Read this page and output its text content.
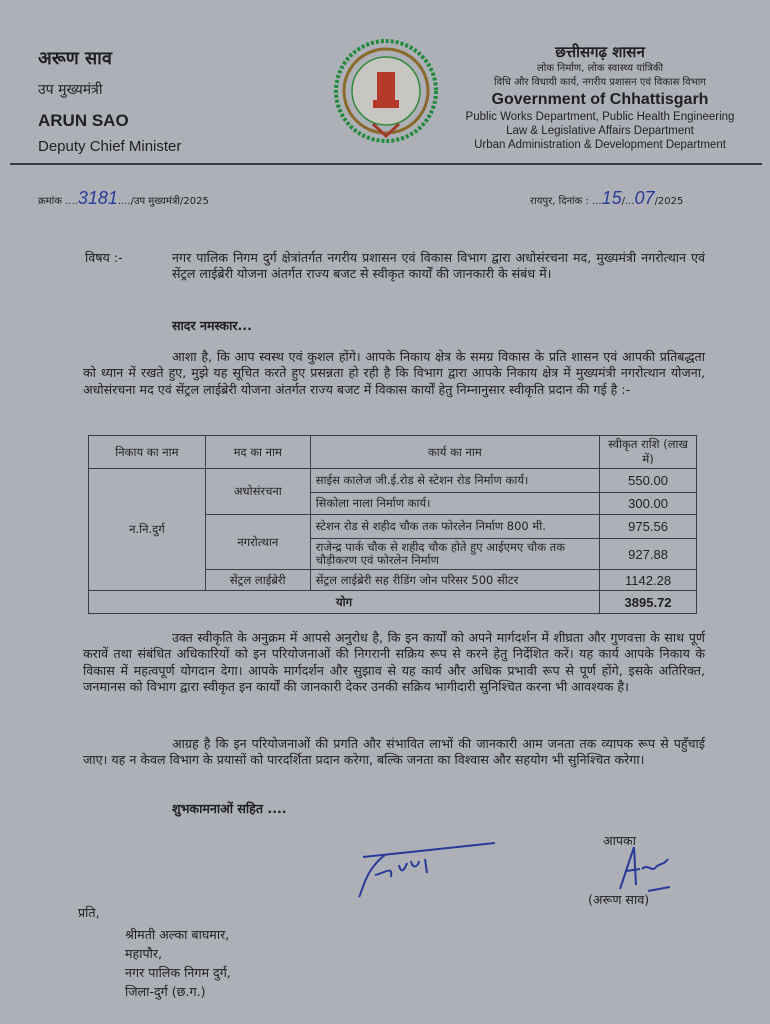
अरूण साव
उप मुख्यमंत्री
ARUN SAO
Deputy Chief Minister
छत्तीसगढ़ शासन
लोक निर्माण, लोक स्वास्थ्य यांत्रिकी
विधि और विधायी कार्य, नगरीय प्रशासन एवं विकास विभाग
Government of Chhattisgarh
Public Works Department, Public Health Engineering
Law & Legislative Affairs Department
Urban Administration & Development Department
क्रमांक ....3181..../उप मुख्यमंत्री/2025	रायपुर, दिनांक : ...15/...07/2025
विषय :-	नगर पालिक निगम दुर्ग क्षेत्रांतर्गत नगरीय प्रशासन एवं विकास विभाग द्वारा अधोसंरचना मद, मुख्यमंत्री नगरोत्थान एवं सेंट्रल लाईब्रेरी योजना अंतर्गत राज्य बजट से स्वीकृत कार्यों की जानकारी के संबंध में।
सादर नमस्कार...
आशा है, कि आप स्वस्थ एवं कुशल होंगे। आपके निकाय क्षेत्र के समग्र विकास के प्रति शासन एवं आपकी प्रतिबद्धता को ध्यान में रखते हुए, मुझे यह सूचित करते हुए प्रसन्नता हो रही है कि विभाग द्वारा आपके निकाय क्षेत्र में मुख्यमंत्री नगरोत्थान योजना, अधोसंरचना मद एवं सेंट्रल लाईब्रेरी योजना अंतर्गत राज्य बजट में विकास कार्यों हेतु निम्नानुसार स्वीकृति प्रदान की गई है :-
निकाय का नाम	मद का नाम	कार्य का नाम	स्वीकृत राशि (लाख में)
न.नि.दुर्ग	अधोसंरचना	साईस कालेज जी.ई.रोड से स्टेशन रोड निर्माण कार्य।	550.00
		सिकोला नाला निर्माण कार्य।	300.00
	नगरोत्थान	स्टेशन रोड से शहीद चौक तक फोरलेन निर्माण 800 मी.	975.56
		राजेन्द्र पार्क चौक से शहीद चौक होते हुए आईएमए चौक तक चौड़ीकरण एवं फोरलेन निर्माण	927.88
	सेंट्रल लाईब्रेरी	सेंट्रल लाईब्रेरी सह रीडिंग जोन परिसर 500 सीटर	1142.28
योग			3895.72
उक्त स्वीकृति के अनुक्रम में आपसे अनुरोध है, कि इन कार्यों को अपने मार्गदर्शन में शीघ्रता और गुणवत्ता के साथ पूर्ण करावें तथा संबंधित अधिकारियों को इन परियोजनाओं की निगरानी सक्रिय रूप से करने हेतु निर्देशित करें। यह कार्य आपके निकाय के विकास में महत्वपूर्ण योगदान देगा। आपके मार्गदर्शन और सुझाव से यह कार्य और अधिक प्रभावी रूप से पूर्ण होंगे, इसके अतिरिक्त, जनमानस को विभाग द्वारा स्वीकृत इन कार्यों की जानकारी देकर उनकी सक्रिय भागीदारी सुनिश्चित करना भी आवश्यक है।
आग्रह है कि इन परियोजनाओं की प्रगति और संभावित लाभों की जानकारी आम जनता तक व्यापक रूप से पहुँचाई जाए। यह न केवल विभाग के प्रयासों को पारदर्शिता प्रदान करेगा, बल्कि जनता का विश्वास और सहयोग भी सुनिश्चित करेगा।
शुभकामनाओं सहित ....
आपका
(अरूण साव)
प्रति,
श्रीमती अल्का बाघमार,
महापौर,
नगर पालिक निगम दुर्ग,
जिला-दुर्ग (छ.ग.)
